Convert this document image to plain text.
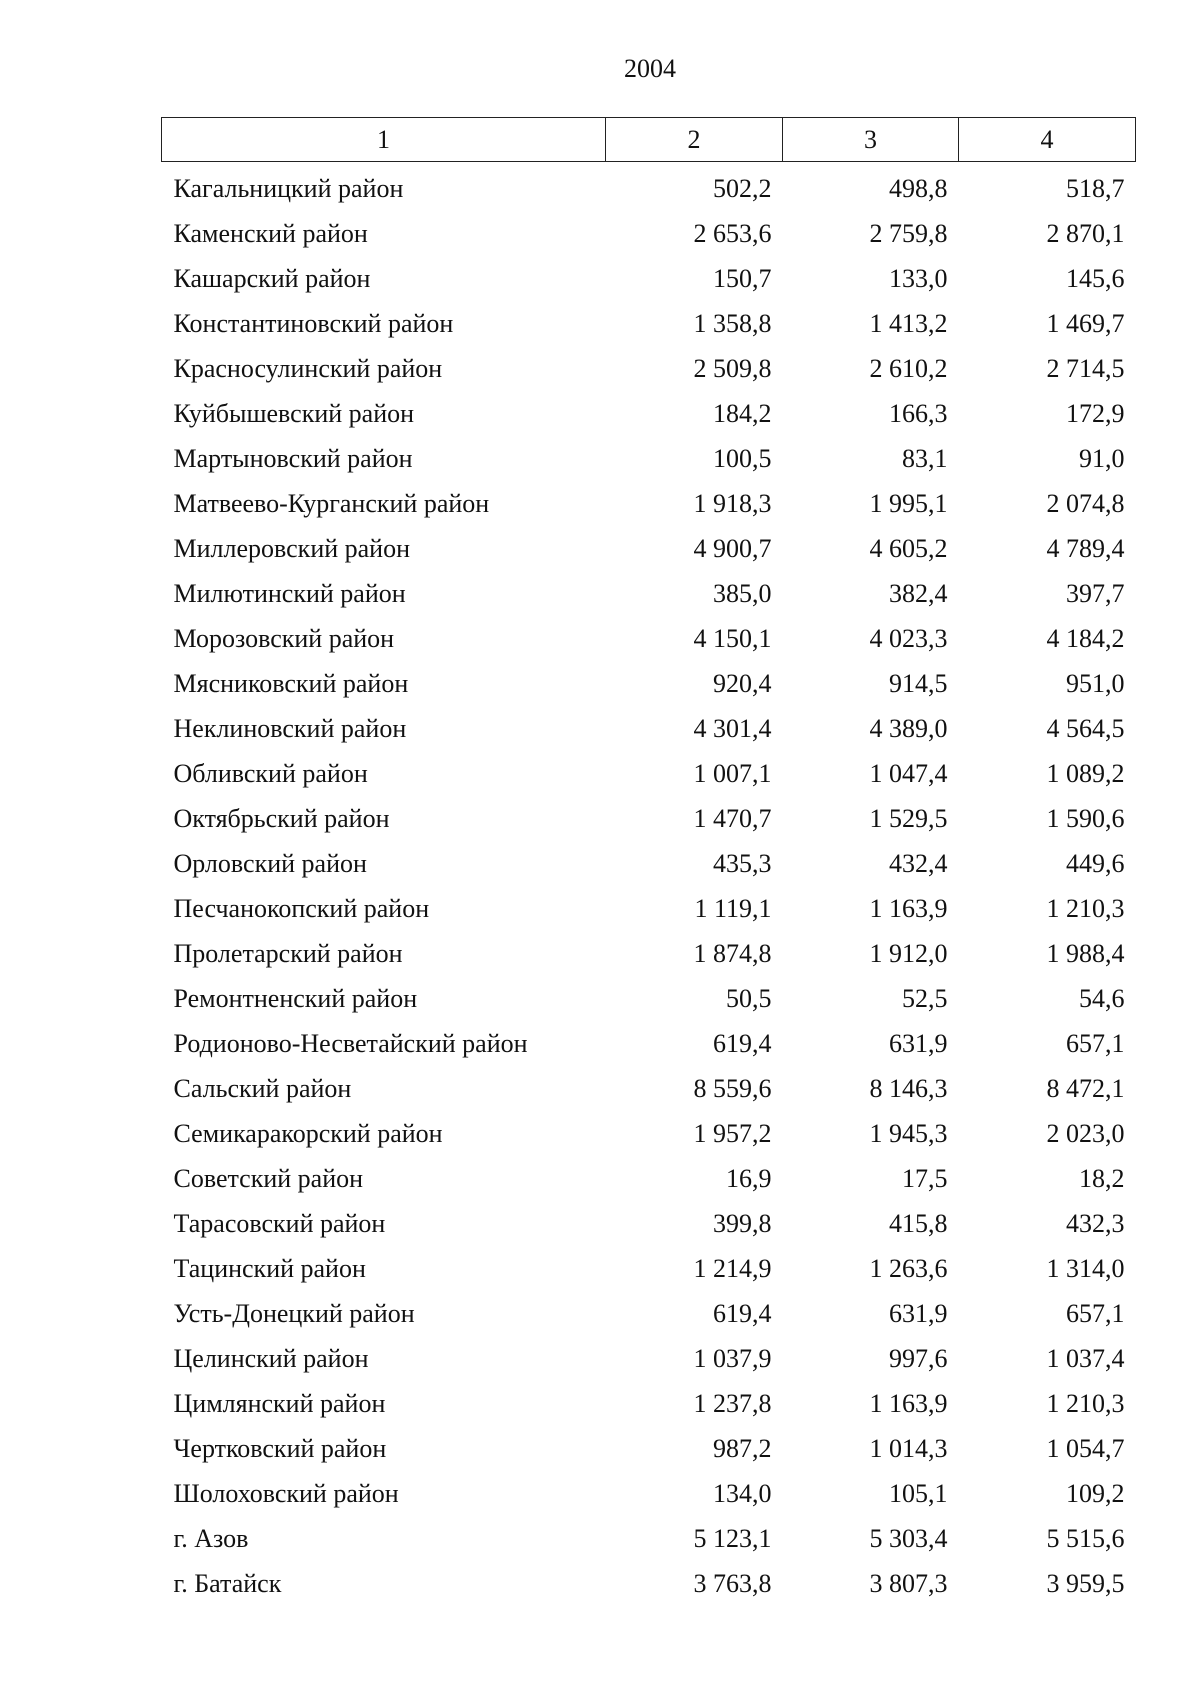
2004
1	2	3	4
Кагальницкий район	502,2	498,8	518,7
Каменский район	2 653,6	2 759,8	2 870,1
Кашарский район	150,7	133,0	145,6
Константиновский район	1 358,8	1 413,2	1 469,7
Красносулинский район	2 509,8	2 610,2	2 714,5
Куйбышевский район	184,2	166,3	172,9
Мартыновский район	100,5	83,1	91,0
Матвеево-Курганский район	1 918,3	1 995,1	2 074,8
Миллеровский район	4 900,7	4 605,2	4 789,4
Милютинский район	385,0	382,4	397,7
Морозовский район	4 150,1	4 023,3	4 184,2
Мясниковский район	920,4	914,5	951,0
Неклиновский район	4 301,4	4 389,0	4 564,5
Обливский район	1 007,1	1 047,4	1 089,2
Октябрьский район	1 470,7	1 529,5	1 590,6
Орловский район	435,3	432,4	449,6
Песчанокопский район	1 119,1	1 163,9	1 210,3
Пролетарский район	1 874,8	1 912,0	1 988,4
Ремонтненский район	50,5	52,5	54,6
Родионово-Несветайский район	619,4	631,9	657,1
Сальский район	8 559,6	8 146,3	8 472,1
Семикаракорский район	1 957,2	1 945,3	2 023,0
Советский район	16,9	17,5	18,2
Тарасовский район	399,8	415,8	432,3
Тацинский район	1 214,9	1 263,6	1 314,0
Усть-Донецкий район	619,4	631,9	657,1
Целинский район	1 037,9	997,6	1 037,4
Цимлянский район	1 237,8	1 163,9	1 210,3
Чертковский район	987,2	1 014,3	1 054,7
Шолоховский район	134,0	105,1	109,2
г. Азов	5 123,1	5 303,4	5 515,6
г. Батайск	3 763,8	3 807,3	3 959,5
